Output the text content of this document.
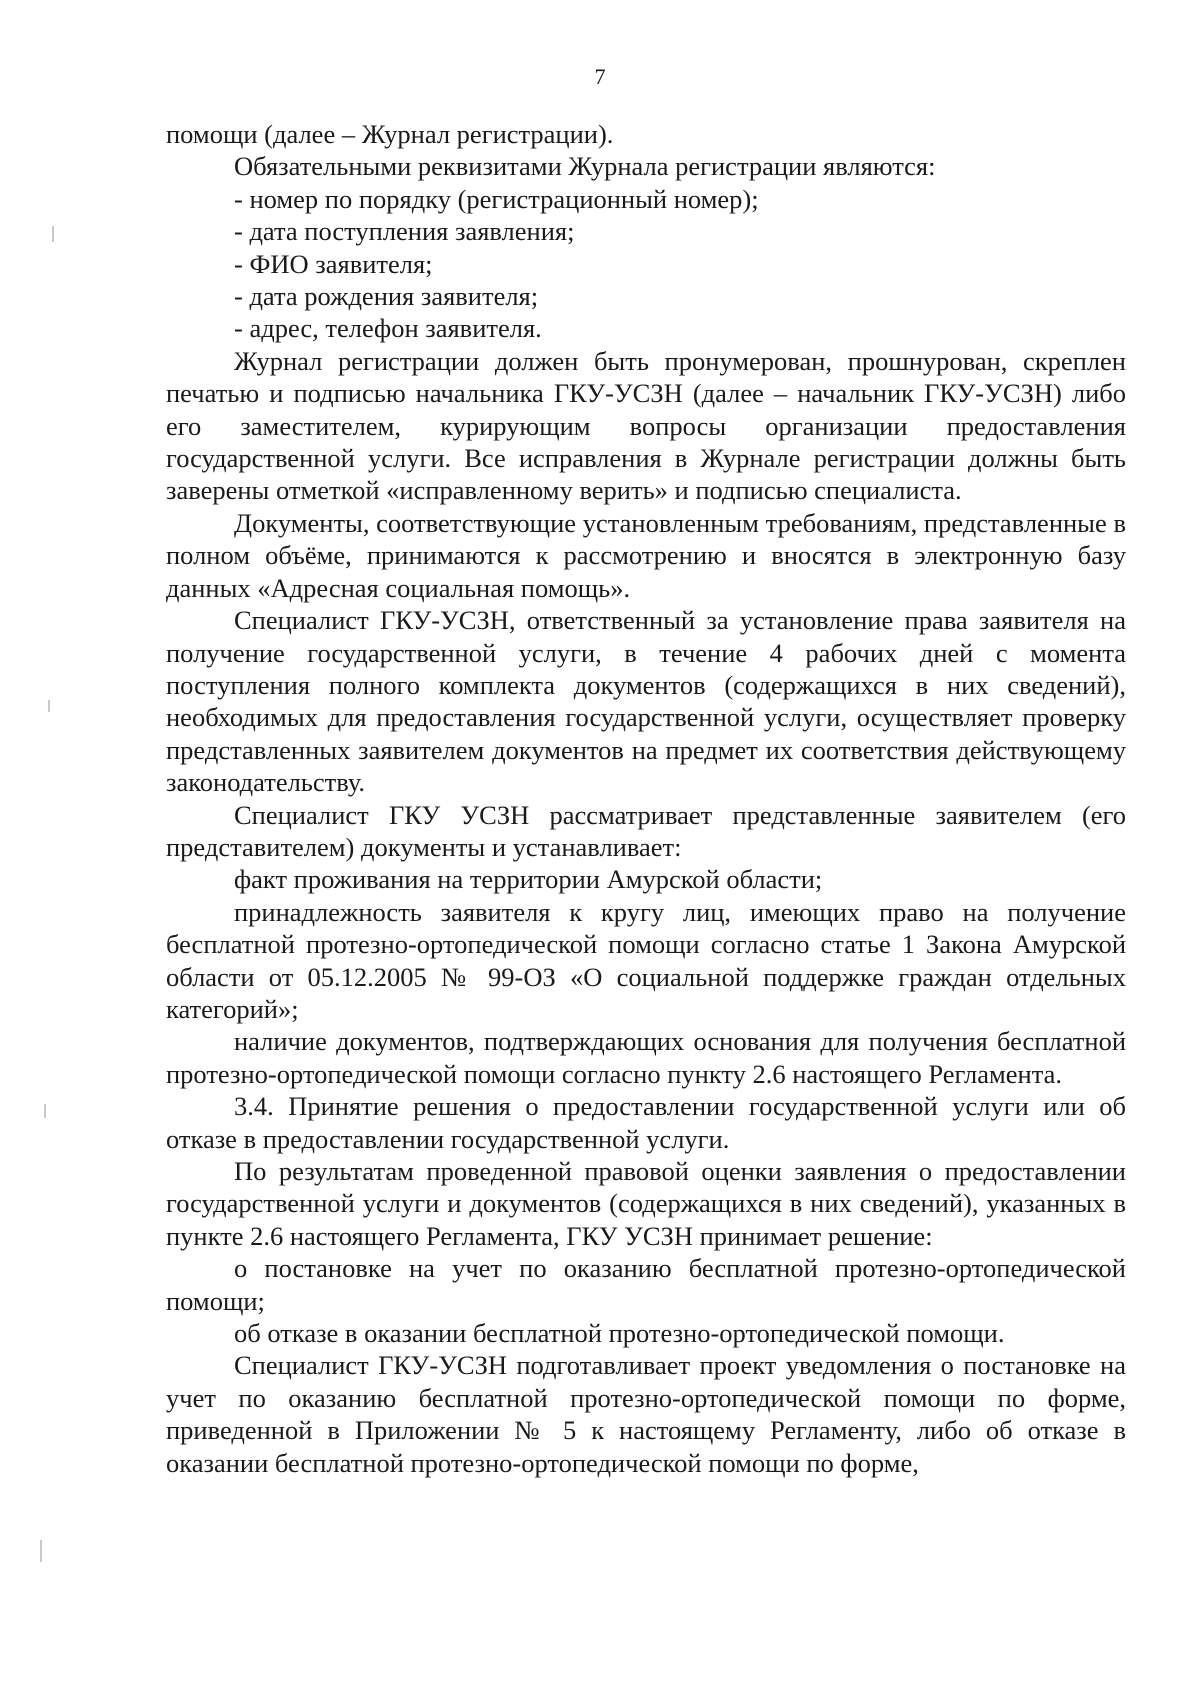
7

помощи (далее – Журнал регистрации).

Обязательными реквизитами Журнала регистрации являются:

- номер по порядку (регистрационный номер);

- дата поступления заявления;

- ФИО заявителя;

- дата рождения заявителя;

- адрес, телефон заявителя.

Журнал регистрации должен быть пронумерован, прошнурован, скреплен печатью и подписью начальника ГКУ-УСЗН (далее – начальник ГКУ-УСЗН) либо его заместителем, курирующим вопросы организации предоставления государственной услуги. Все исправления в Журнале регистрации должны быть заверены отметкой «исправленному верить» и подписью специалиста.

Документы, соответствующие установленным требованиям, представленные в полном объёме, принимаются к рассмотрению и вносятся в электронную базу данных «Адресная социальная помощь».

Специалист ГКУ-УСЗН, ответственный за установление права заявителя на получение государственной услуги, в течение 4 рабочих дней с момента поступления полного комплекта документов (содержащихся в них сведений), необходимых для предоставления государственной услуги, осуществляет проверку представленных заявителем документов на предмет их соответствия действующему законодательству.

Специалист ГКУ УСЗН рассматривает представленные заявителем (его представителем) документы и устанавливает:

факт проживания на территории Амурской области;

принадлежность заявителя к кругу лиц, имеющих право на получение бесплатной протезно-ортопедической помощи согласно статье 1 Закона Амурской области от 05.12.2005 № 99-ОЗ «О социальной поддержке граждан отдельных категорий»;

наличие документов, подтверждающих основания для получения бесплатной протезно-ортопедической помощи согласно пункту 2.6 настоящего Регламента.

3.4. Принятие решения о предоставлении государственной услуги или об отказе в предоставлении государственной услуги.

По результатам проведенной правовой оценки заявления о предоставлении государственной услуги и документов (содержащихся в них сведений), указанных в пункте 2.6 настоящего Регламента, ГКУ УСЗН принимает решение:

о постановке на учет по оказанию бесплатной протезно-ортопедической помощи;

об отказе в оказании бесплатной протезно-ортопедической помощи.

Специалист ГКУ-УСЗН подготавливает проект уведомления о постановке на учет по оказанию бесплатной протезно-ортопедической помощи по форме, приведенной в Приложении № 5 к настоящему Регламенту, либо об отказе в оказании бесплатной протезно-ортопедической помощи по форме,
